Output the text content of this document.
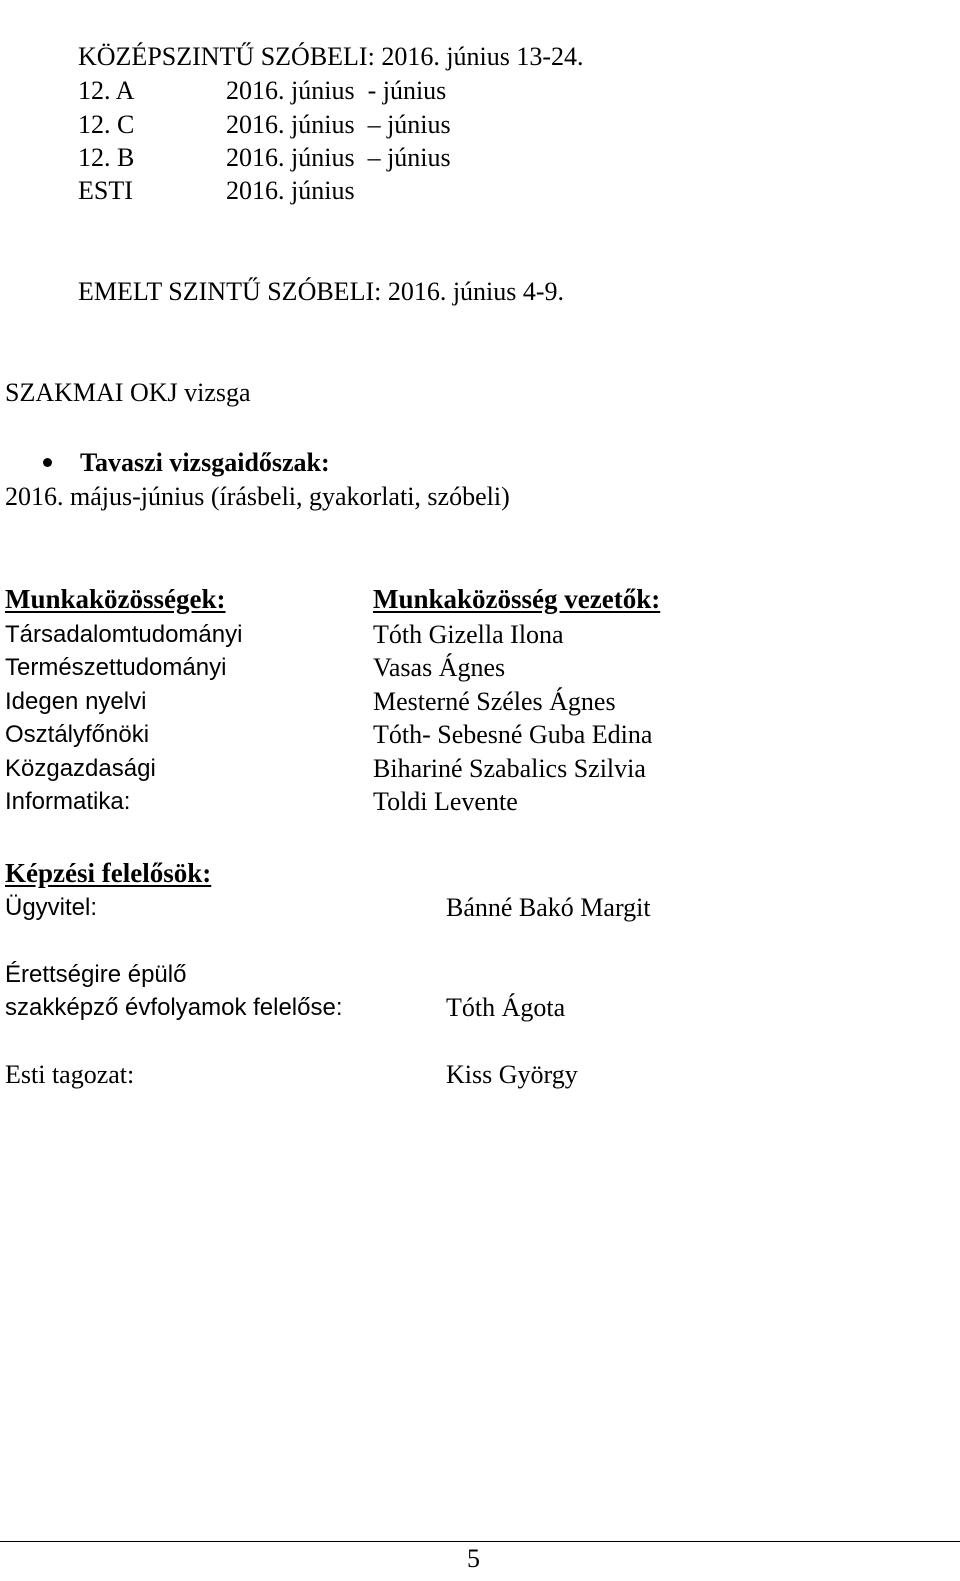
KÖZÉPSZINTŰ SZÓBELI: 2016. június 13-24.
12. A	2016. június  - június
12. C	2016. június  – június
12. B	2016. június  – június
ESTI	2016. június
EMELT SZINTŰ SZÓBELI: 2016. június 4-9.
SZAKMAI OKJ vizsga
Tavaszi vizsgaidőszak:
2016. május-június (írásbeli, gyakorlati, szóbeli)
Munkaközösségek:	Munkaközösség vezetők:
Társadalomtudományi	Tóth Gizella Ilona
Természettudományi	Vasas Ágnes
Idegen nyelvi	Mesterné Széles Ágnes
Osztályfőnöki	Tóth- Sebesné Guba Edina
Közgazdasági	Bihariné Szabalics Szilvia
Informatika:	Toldi Levente
Képzési felelősök:
Ügyvitel:	Bánné Bakó Margit
Érettségire épülő
szakképző évfolyamok felelőse:	Tóth Ágota
Esti tagozat:	Kiss György
5
